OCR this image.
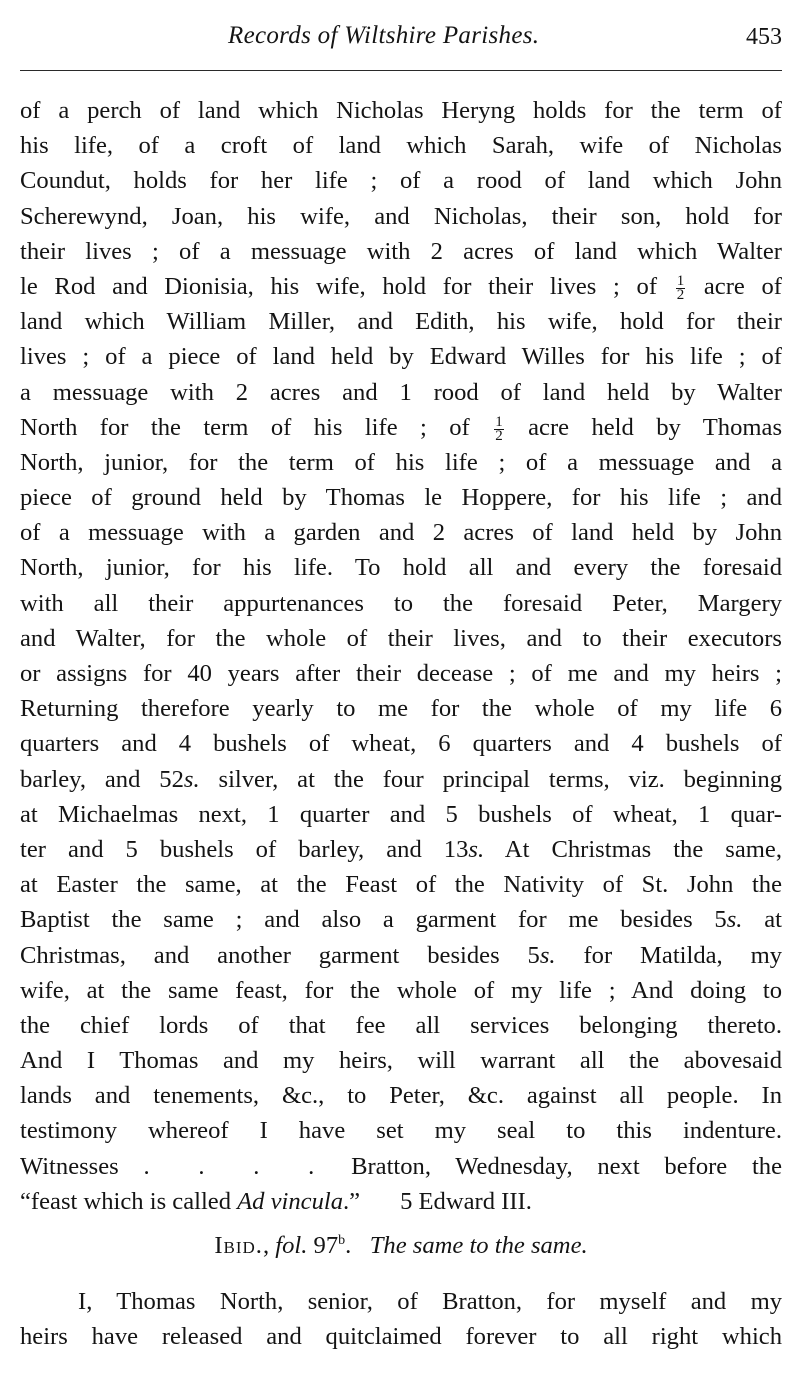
Records of Wiltshire Parishes.	453
of a perch of land which Nicholas Heryng holds for the term of
his life, of a croft of land which Sarah, wife of Nicholas
Coundut, holds for her life ; of a rood of land which John
Scherewynd, Joan, his wife, and Nicholas, their son, hold for
their lives ; of a messuage with 2 acres of land which Walter
le Rod and Dionisia, his wife, hold for their lives ; of $\frac{1}{2}$ acre of
land which William Miller, and Edith, his wife, hold for their
lives ; of a piece of land held by Edward Willes for his life ; of
a messuage with 2 acres and 1 rood of land held by Walter
North for the term of his life ; of $\frac{1}{2}$ acre held by Thomas
North, junior, for the term of his life ; of a messuage and a
piece of ground held by Thomas le Hoppere, for his life ; and
of a messuage with a garden and 2 acres of land held by John
North, junior, for his life. To hold all and every the foresaid
with all their appurtenances to the foresaid Peter, Margery
and Walter, for the whole of their lives, and to their executors
or assigns for 40 years after their decease ; of me and my heirs ;
Returning therefore yearly to me for the whole of my life 6
quarters and 4 bushels of wheat, 6 quarters and 4 bushels of
barley, and 52s. silver, at the four principal terms, viz. beginning
at Michaelmas next, 1 quarter and 5 bushels of wheat, 1 quar-
ter and 5 bushels of barley, and 13s. At Christmas the same,
at Easter the same, at the Feast of the Nativity of St. John the
Baptist the same ; and also a garment for me besides 5s. at
Christmas, and another garment besides 5s. for Matilda, my
wife, at the same feast, for the whole of my life ; And doing to
the chief lords of that fee all services belonging thereto.
And I Thomas and my heirs, will warrant all the abovesaid
lands and tenements, &c., to Peter, &c. against all people. In
testimony whereof I have set my seal to this indenture.
Witnesses . . . . Bratton, Wednesday, next before the
“feast which is called Ad vincula.” 5 Edward III.
Ibid., fol. 97$^b$.   The same to the same.
I, Thomas North, senior, of Bratton, for myself and my
heirs have released and quitclaimed forever to all right which
